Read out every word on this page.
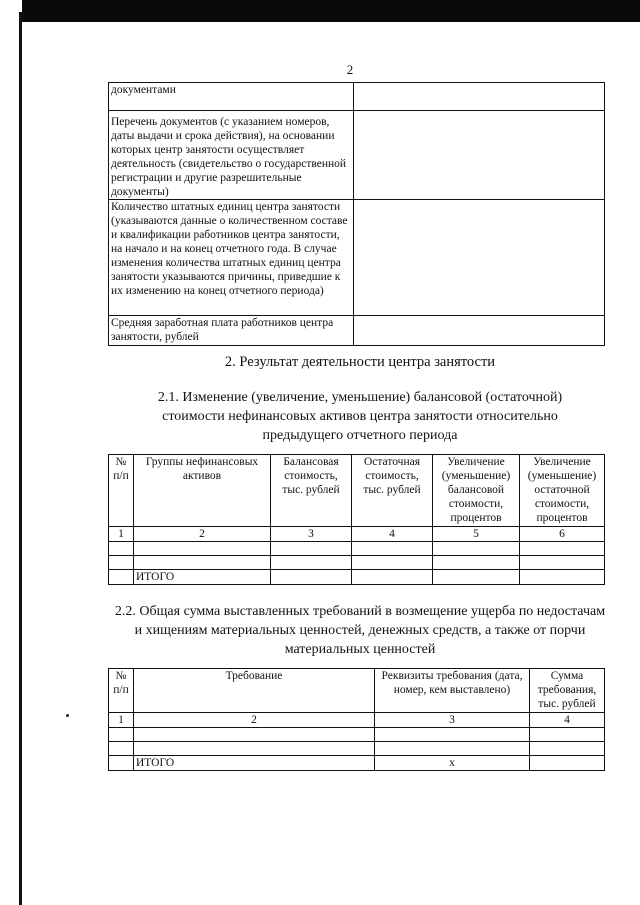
2
документами	
Перечень документов (с указанием номеров, даты выдачи и срока действия), на основании которых центр занятости осуществляет деятельность (свидетельство о государственной регистрации и другие разрешительные документы)	
Количество штатных единиц центра занятости (указываются данные о количественном составе и квалификации работников центра занятости, на начало и на конец отчетного года. В случае изменения количества штатных единиц центра занятости указываются причины, приведшие к их изменению на конец отчетного периода)	
Средняя заработная плата работников центра занятости, рублей	
2. Результат деятельности центра занятости
2.1. Изменение (увеличение, уменьшение) балансовой (остаточной) стоимости нефинансовых активов центра занятости относительно предыдущего отчетного периода
№ п/п	Группы нефинансовых активов	Балансовая стоимость, тыс. рублей	Остаточная стоимость, тыс. рублей	Увеличение (уменьшение) балансовой стоимости, процентов	Увеличение (уменьшение) остаточной стоимости, процентов
1	2	3	4	5	6

	ИТОГО				
2.2. Общая сумма выставленных требований в возмещение ущерба по недостачам и хищениям материальных ценностей, денежных средств, а также от порчи материальных ценностей
№ п/п	Требование	Реквизиты требования (дата, номер, кем выставлено)	Сумма требования, тыс. рублей
1	2	3	4

	ИТОГО	x	
